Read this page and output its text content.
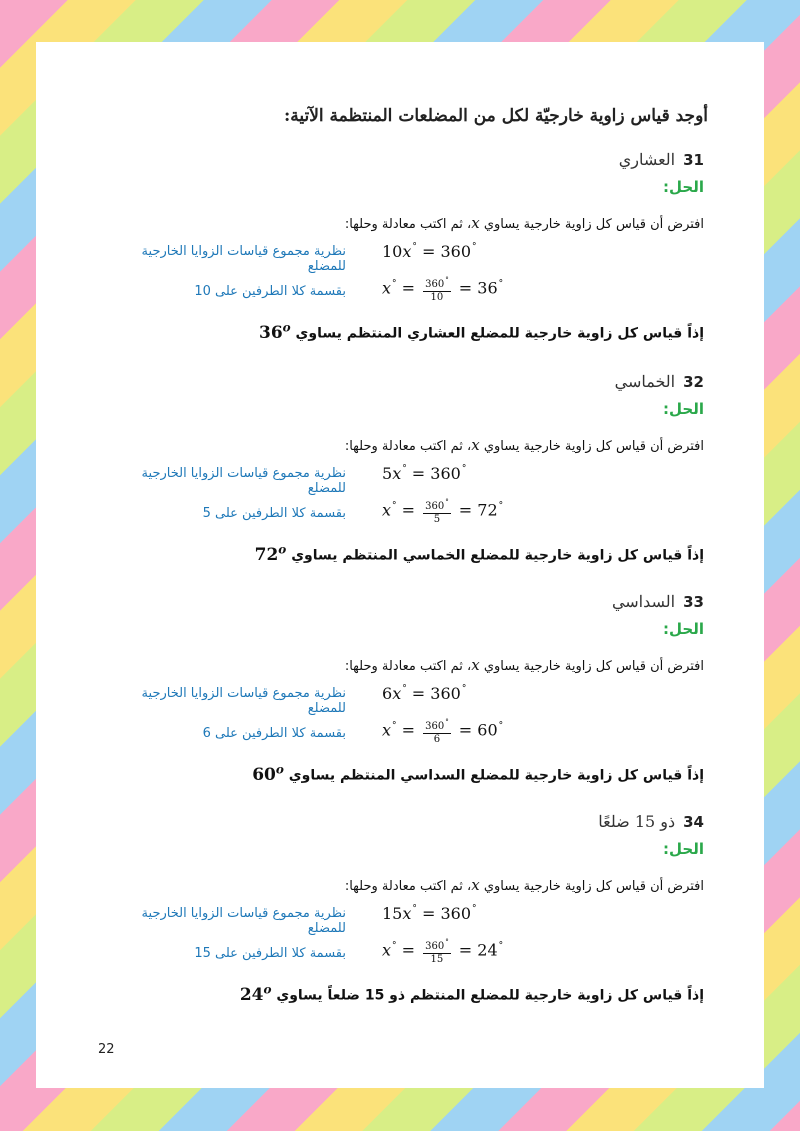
أوجد قياس زاوية خارجيّة لكل من المضلعات المنتظمة الآتية:
31العشاري
الحل:
افترض أن قياس كل زاوية خارجية يساوي x، ثم اكتب معادلة وحلها:
نظرية مجموع قياسات الزوايا الخارجية للمضلع
10x° = 360°
بقسمة كلا الطرفين على 10	$x^\circ = \frac{360^\circ}{10} = 36^\circ$
إذاً قياس كل زاوية خارجية للمضلع العشاري المنتظم يساوي 36$^o$
32الخماسي
الحل:
افترض أن قياس كل زاوية خارجية يساوي x، ثم اكتب معادلة وحلها:
نظرية مجموع قياسات الزوايا الخارجية للمضلع
5x° = 360°
بقسمة كلا الطرفين على 5	$x^\circ = \frac{360^\circ}{5} = 72^\circ$
إذاً قياس كل زاوية خارجية للمضلع الخماسي المنتظم يساوي 72$^o$
33السداسي
الحل:
افترض أن قياس كل زاوية خارجية يساوي x، ثم اكتب معادلة وحلها:
نظرية مجموع قياسات الزوايا الخارجية للمضلع
6x° = 360°
بقسمة كلا الطرفين على 6	$x^\circ = \frac{360^\circ}{6} = 60^\circ$
إذاً قياس كل زاوية خارجية للمضلع السداسي المنتظم يساوي 60$^o$
34ذو 15 ضلعًا
الحل:
افترض أن قياس كل زاوية خارجية يساوي x، ثم اكتب معادلة وحلها:
نظرية مجموع قياسات الزوايا الخارجية للمضلع
15x° = 360°
بقسمة كلا الطرفين على 15	$x^\circ = \frac{360^\circ}{15} = 24^\circ$
إذاً قياس كل زاوية خارجية للمضلع المنتظم ذو 15 ضلعاً يساوي 24$^o$
22
